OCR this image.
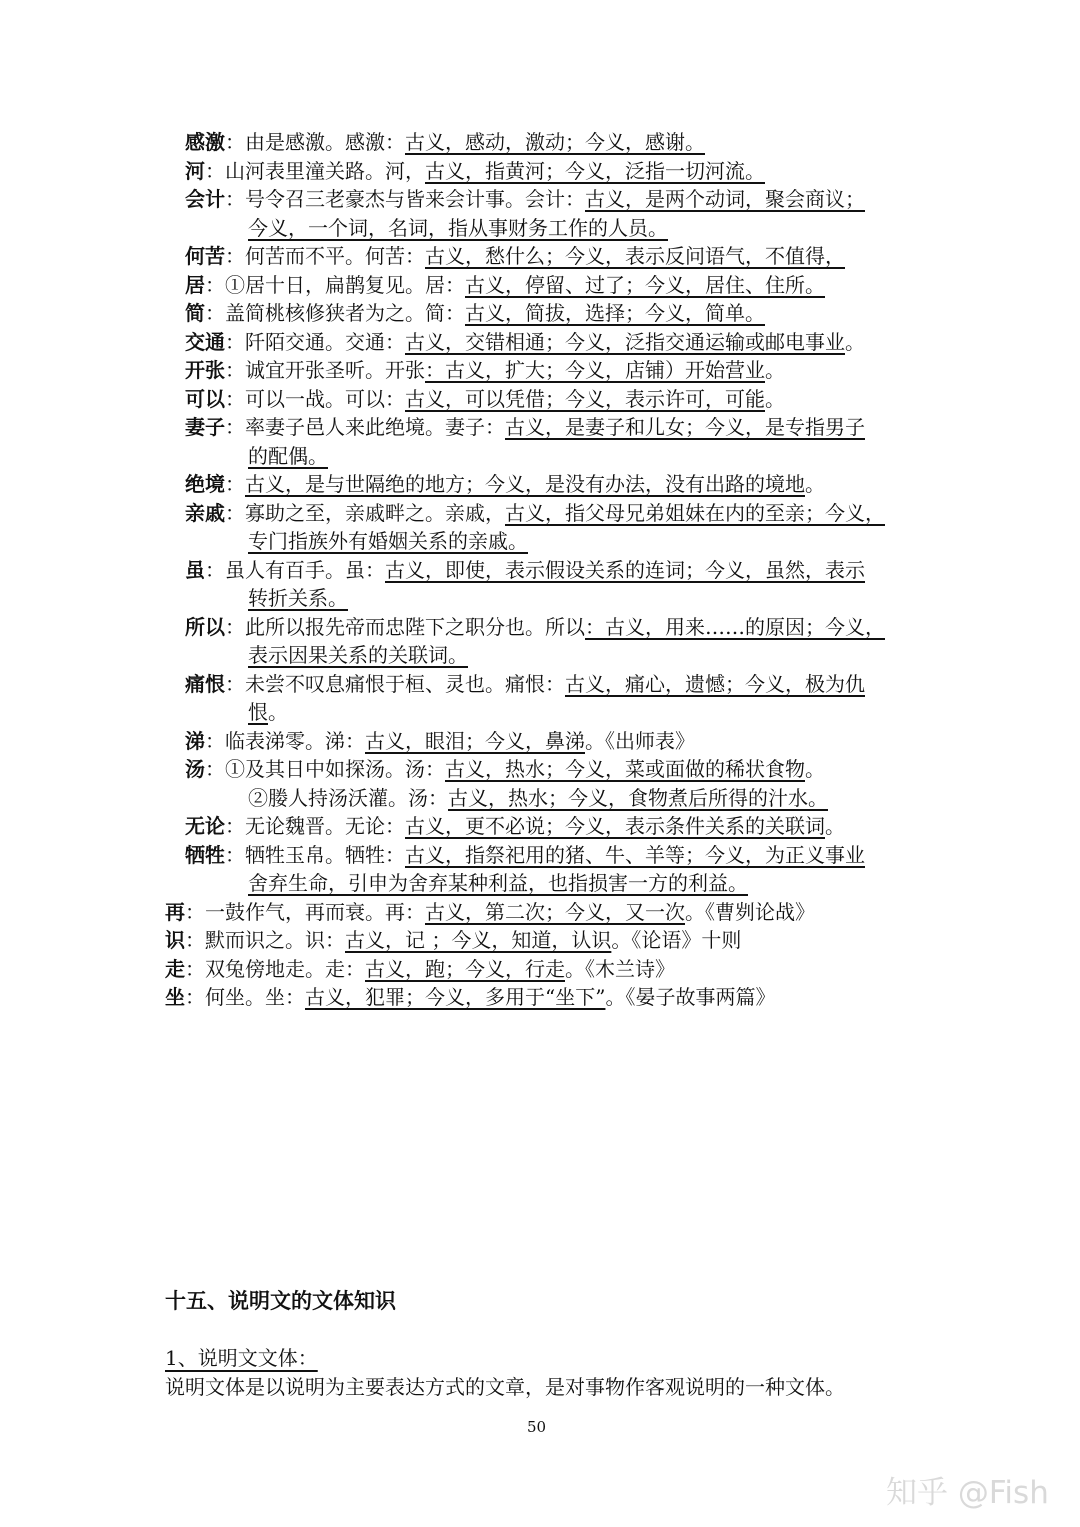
感激：由是感激。感激：古义，感动，激动；今义，感谢。
河：山河表里潼关路。河，古义，指黄河；今义，泛指一切河流。
会计：号令召三老豪杰与皆来会计事。会计：古义，是两个动词，聚会商议；
今义，一个词，名词，指从事财务工作的人员。
何苦：何苦而不平。何苦：古义，愁什么；今义，表示反问语气，不值得，
居：①居十日，扁鹊复见。居：古义，停留、过了；今义，居住、住所。
简：盖简桃核修狭者为之。简：古义，简拔，选择；今义，简单。
交通：阡陌交通。交通：古义，交错相通；今义，泛指交通运输或邮电事业。
开张：诚宜开张圣听。开张：古义，扩大；今义，店铺）开始营业。
可以：可以一战。可以：古义，可以凭借；今义，表示许可，可能。
妻子：率妻子邑人来此绝境。妻子：古义，是妻子和儿女；今义，是专指男子
的配偶。
绝境：古义，是与世隔绝的地方；今义，是没有办法，没有出路的境地。
亲戚：寡助之至，亲戚畔之。亲戚，古义，指父母兄弟姐妹在内的至亲；今义，
专门指族外有婚姻关系的亲戚。
虽：虽人有百手。虽：古义，即使，表示假设关系的连词；今义，虽然，表示
转折关系。
所以：此所以报先帝而忠陛下之职分也。所以：古义，用来……的原因；今义，
表示因果关系的关联词。
痛恨：未尝不叹息痛恨于桓、灵也。痛恨：古义，痛心，遗憾；今义，极为仇
恨。
涕：临表涕零。涕：古义，眼泪；今义，鼻涕。《出师表》
汤：①及其日中如探汤。汤：古义，热水；今义，菜或面做的稀状食物。
②媵人持汤沃灌。汤：古义，热水；今义，食物煮后所得的汁水。
无论：无论魏晋。无论：古义，更不必说；今义，表示条件关系的关联词。
牺牲：牺牲玉帛。牺牲：古义，指祭祀用的猪、牛、羊等；今义，为正义事业
舍弃生命，引申为舍弃某种利益，也指损害一方的利益。
再：一鼓作气，再而衰。再：古义，第二次；今义，又一次。《曹刿论战》
识：默而识之。识：古义，记 ；今义，知道，认识。《论语》十则
走：双兔傍地走。走：古义，跑；今义，行走。《木兰诗》
坐：何坐。坐：古义，犯罪；今义，多用于“坐下”。《晏子故事两篇》
十五、说明文的文体知识
1、说明文文体：
说明文体是以说明为主要表达方式的文章，是对事物作客观说明的一种文体。
50
知乎 @Fish
